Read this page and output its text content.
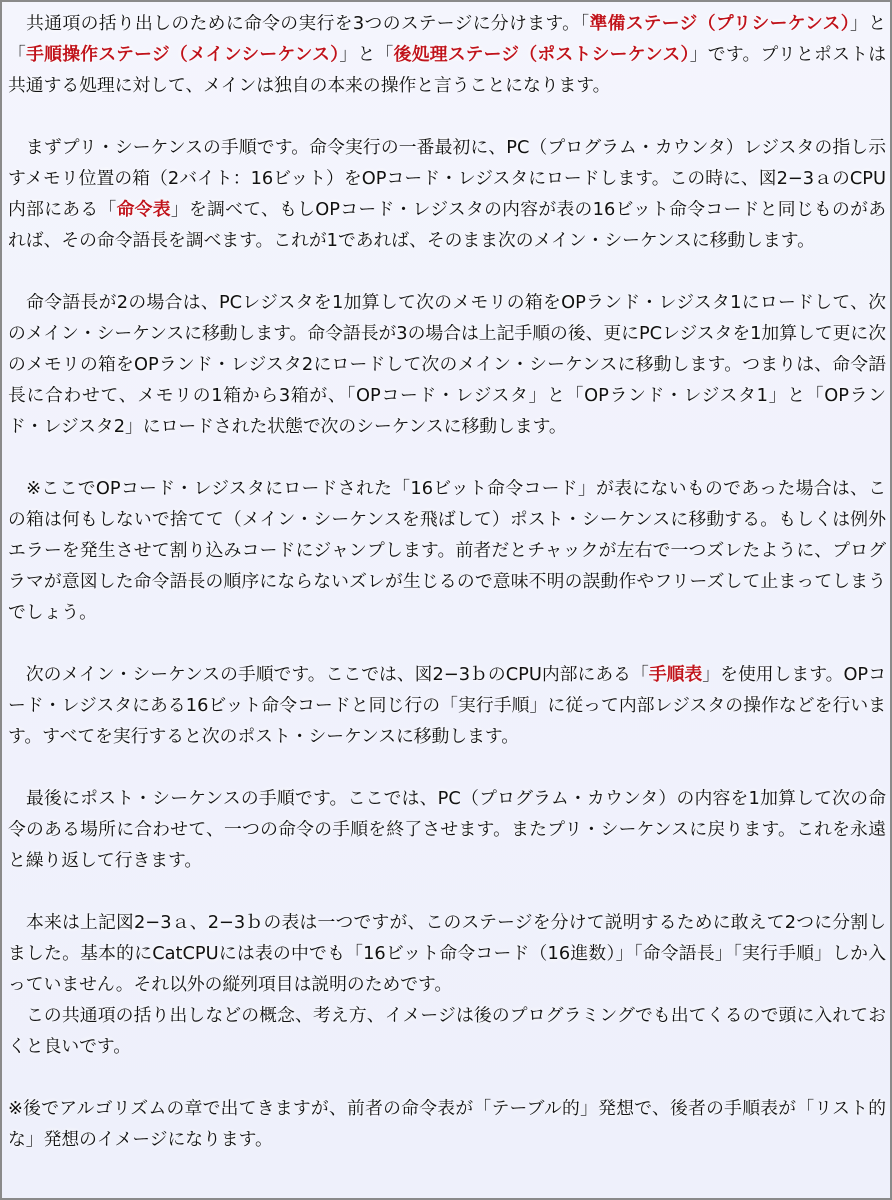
　共通項の括り出しのために命令の実行を3つのステージに分けます。「準備ステージ（プリシーケンス）」と「手順操作ステージ（メインシーケンス）」と「後処理ステージ（ポストシーケンス）」です。プリとポストは共通する処理に対して、メインは独自の本来の操作と言うことになります。

　まずプリ・シーケンスの手順です。命令実行の一番最初に、PC（プログラム・カウンタ）レジスタの指し示すメモリ位置の箱（2バイト：16ビット）をOPコード・レジスタにロードします。この時に、図2−3ａのCPU内部にある「命令表」を調べて、もしOPコード・レジスタの内容が表の16ビット命令コードと同じものがあれば、その命令語長を調べます。これが1であれば、そのまま次のメイン・シーケンスに移動します。

　命令語長が2の場合は、PCレジスタを1加算して次のメモリの箱をOPランド・レジスタ1にロードして、次のメイン・シーケンスに移動します。命令語長が3の場合は上記手順の後、更にPCレジスタを1加算して更に次のメモリの箱をOPランド・レジスタ2にロードして次のメイン・シーケンスに移動します。つまりは、命令語長に合わせて、メモリの1箱から3箱が、「OPコード・レジスタ」と「OPランド・レジスタ1」と「OPランド・レジスタ2」にロードされた状態で次のシーケンスに移動します。

　※ここでOPコード・レジスタにロードされた「16ビット命令コード」が表にないものであった場合は、この箱は何もしないで捨てて（メイン・シーケンスを飛ばして）ポスト・シーケンスに移動する。もしくは例外エラーを発生させて割り込みコードにジャンプします。前者だとチャックが左右で一つズレたように、プログラマが意図した命令語長の順序にならないズレが生じるので意味不明の誤動作やフリーズして止まってしまうでしょう。

　次のメイン・シーケンスの手順です。ここでは、図2−3ｂのCPU内部にある「手順表」を使用します。OPコード・レジスタにある16ビット命令コードと同じ行の「実行手順」に従って内部レジスタの操作などを行います。すべてを実行すると次のポスト・シーケンスに移動します。

　最後にポスト・シーケンスの手順です。ここでは、PC（プログラム・カウンタ）の内容を1加算して次の命令のある場所に合わせて、一つの命令の手順を終了させます。またプリ・シーケンスに戻ります。これを永遠と繰り返して行きます。

　本来は上記図2−3ａ、2−3ｂの表は一つですが、このステージを分けて説明するために敢えて2つに分割しました。基本的にCatCPUには表の中でも「16ビット命令コード（16進数）」「命令語長」「実行手順」しか入っていません。それ以外の縦列項目は説明のためです。

　この共通項の括り出しなどの概念、考え方、イメージは後のプログラミングでも出てくるので頭に入れておくと良いです。

※後でアルゴリズムの章で出てきますが、前者の命令表が「テーブル的」発想で、後者の手順表が「リスト的な」発想のイメージになります。
